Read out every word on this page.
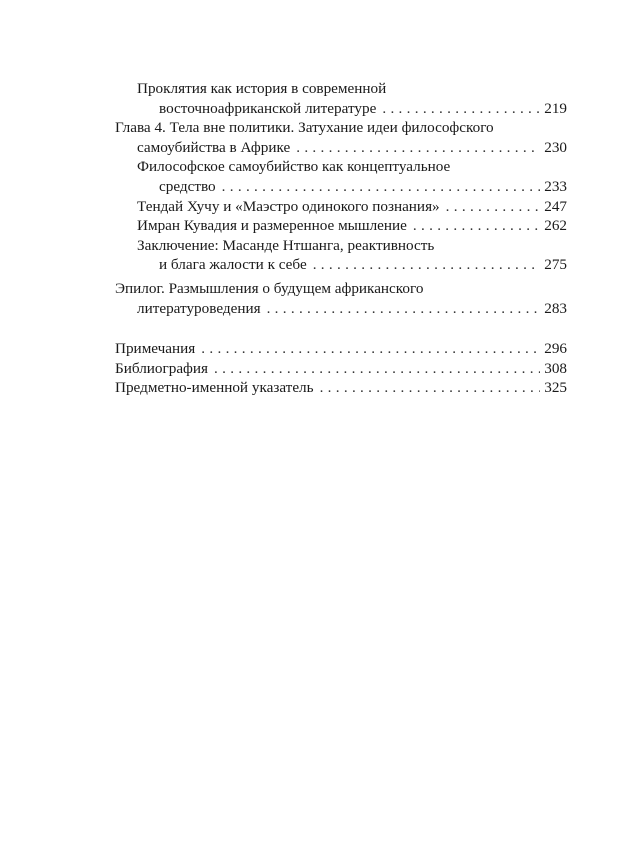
Проклятия как история в современной
восточноафриканской литературе . . .	219
Глава 4. Тела вне политики. Затухание идеи философского
самоубийства в Африке . . .	230
Философское самоубийство как концептуальное
средство . . .	233
Тендай Хучу и «Маэстро одинокого познания» . . .	247
Имран Кувадия и размеренное мышление . . .	262
Заключение: Масанде Нтшанга, реактивность
и блага жалости к себе . . .	275
Эпилог. Размышления о будущем африканского
литературоведения . . .	283
Примечания . . .	296
Библиография . . .	308
Предметно-именной указатель . . .	325
